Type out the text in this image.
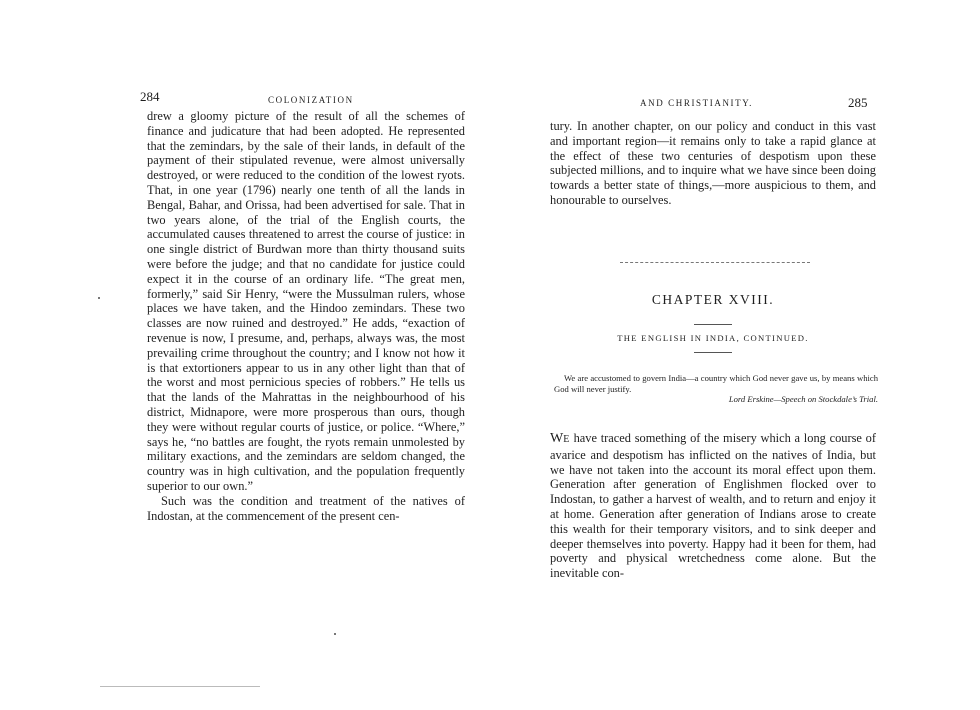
284	COLONIZATION

drew a gloomy picture of the result of all the schemes of finance and judicature that had been adopted. He represented that the zemindars, by the sale of their lands, in default of the payment of their stipulated revenue, were almost universally destroyed, or were reduced to the condition of the lowest ryots. That, in one year (1796) nearly one tenth of all the lands in Bengal, Bahar, and Orissa, had been advertised for sale. That in two years alone, of the trial of the English courts, the accumulated causes threatened to arrest the course of justice: in one single district of Burdwan more than thirty thousand suits were before the judge; and that no candidate for justice could expect it in the course of an ordinary life. “The great men, formerly,” said Sir Henry, “were the Mussulman rulers, whose places we have taken, and the Hindoo zemindars. These two classes are now ruined and destroyed.” He adds, “exaction of revenue is now, I presume, and, perhaps, always was, the most prevailing crime throughout the country; and I know not how it is that extortioners appear to us in any other light than that of the worst and most pernicious species of robbers.” He tells us that the lands of the Mahrattas in the neighbourhood of his district, Midnapore, were more prosperous than ours, though they were without regular courts of justice, or police. “Where,” says he, “no battles are fought, the ryots remain unmolested by military exactions, and the zemindars are seldom changed, the country was in high cultivation, and the population frequently superior to our own.”

Such was the condition and treatment of the natives of Indostan, at the commencement of the present cen-

AND CHRISTIANITY.	285
tury. In another chapter, on our policy and conduct in this vast and important region—it remains only to take a rapid glance at the effect of these two centuries of despotism upon these subjected millions, and to inquire what we have since been doing towards a better state of things,—more auspicious to them, and honourable to ourselves.
CHAPTER XVIII.
THE ENGLISH IN INDIA, CONTINUED.
We are accustomed to govern India—a country which God never gave us, by means which God will never justify.
Lord Erskine—Speech on Stockdale’s Trial.
WE have traced something of the misery which a long course of avarice and despotism has inflicted on the natives of India, but we have not taken into the account its moral effect upon them. Generation after generation of Englishmen flocked over to Indostan, to gather a harvest of wealth, and to return and enjoy it at home. Generation after generation of Indians arose to create this wealth for their temporary visitors, and to sink deeper and deeper themselves into poverty. Happy had it been for them, had poverty and physical wretchedness come alone. But the inevitable con-
